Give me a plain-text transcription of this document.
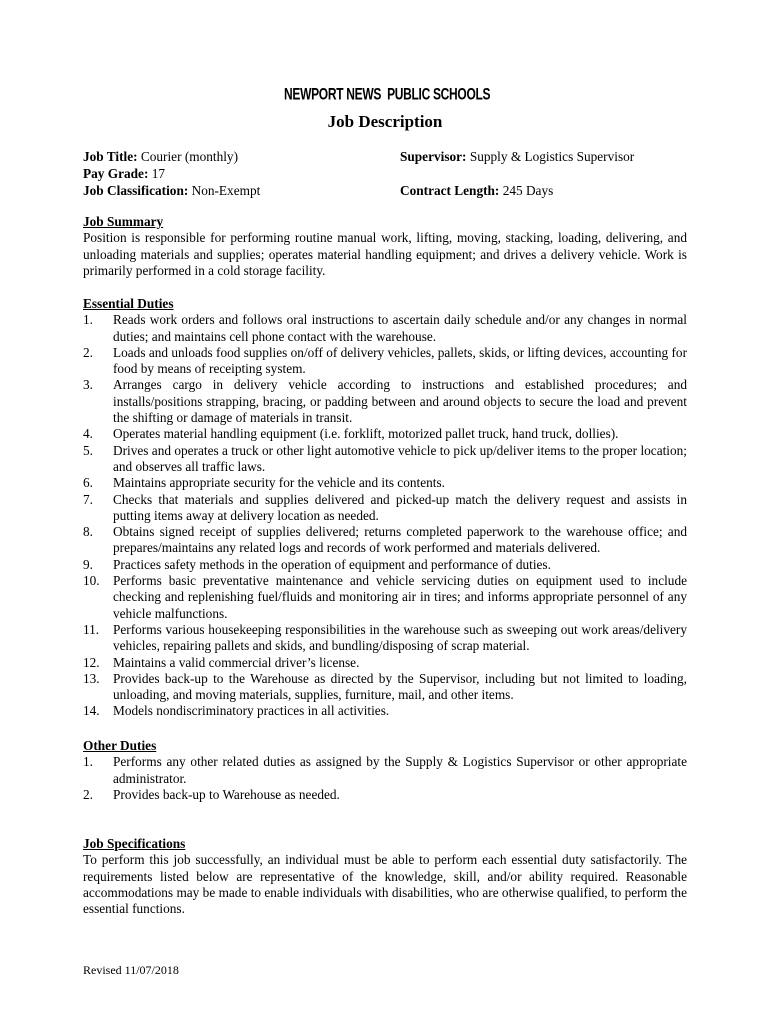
NEWPORT NEWS PUBLIC SCHOOLS
Job Description
Job Title: Courier (monthly)
Pay Grade: 17
Job Classification: Non-Exempt
Supervisor: Supply & Logistics Supervisor
Contract Length: 245 Days
Job Summary
Position is responsible for performing routine manual work, lifting, moving, stacking, loading, delivering, and unloading materials and supplies; operates material handling equipment; and drives a delivery vehicle. Work is primarily performed in a cold storage facility.
Essential Duties
1.	Reads work orders and follows oral instructions to ascertain daily schedule and/or any changes in normal duties; and maintains cell phone contact with the warehouse.
2.	Loads and unloads food supplies on/off of delivery vehicles, pallets, skids, or lifting devices, accounting for food by means of receipting system.
3.	Arranges cargo in delivery vehicle according to instructions and established procedures; and installs/positions strapping, bracing, or padding between and around objects to secure the load and prevent the shifting or damage of materials in transit.
4.	Operates material handling equipment (i.e. forklift, motorized pallet truck, hand truck, dollies).
5.	Drives and operates a truck or other light automotive vehicle to pick up/deliver items to the proper location; and observes all traffic laws.
6.	Maintains appropriate security for the vehicle and its contents.
7.	Checks that materials and supplies delivered and picked-up match the delivery request and assists in putting items away at delivery location as needed.
8.	Obtains signed receipt of supplies delivered; returns completed paperwork to the warehouse office; and prepares/maintains any related logs and records of work performed and materials delivered.
9.	Practices safety methods in the operation of equipment and performance of duties.
10.	Performs basic preventative maintenance and vehicle servicing duties on equipment used to include checking and replenishing fuel/fluids and monitoring air in tires; and informs appropriate personnel of any vehicle malfunctions.
11.	Performs various housekeeping responsibilities in the warehouse such as sweeping out work areas/delivery vehicles, repairing pallets and skids, and bundling/disposing of scrap material.
12.	Maintains a valid commercial driver’s license.
13.	Provides back-up to the Warehouse as directed by the Supervisor, including but not limited to loading, unloading, and moving materials, supplies, furniture, mail, and other items.
14.	Models nondiscriminatory practices in all activities.
Other Duties
1.	Performs any other related duties as assigned by the Supply & Logistics Supervisor or other appropriate administrator.
2.	Provides back-up to Warehouse as needed.
Job Specifications
To perform this job successfully, an individual must be able to perform each essential duty satisfactorily. The requirements listed below are representative of the knowledge, skill, and/or ability required. Reasonable accommodations may be made to enable individuals with disabilities, who are otherwise qualified, to perform the essential functions.
Revised 11/07/2018
